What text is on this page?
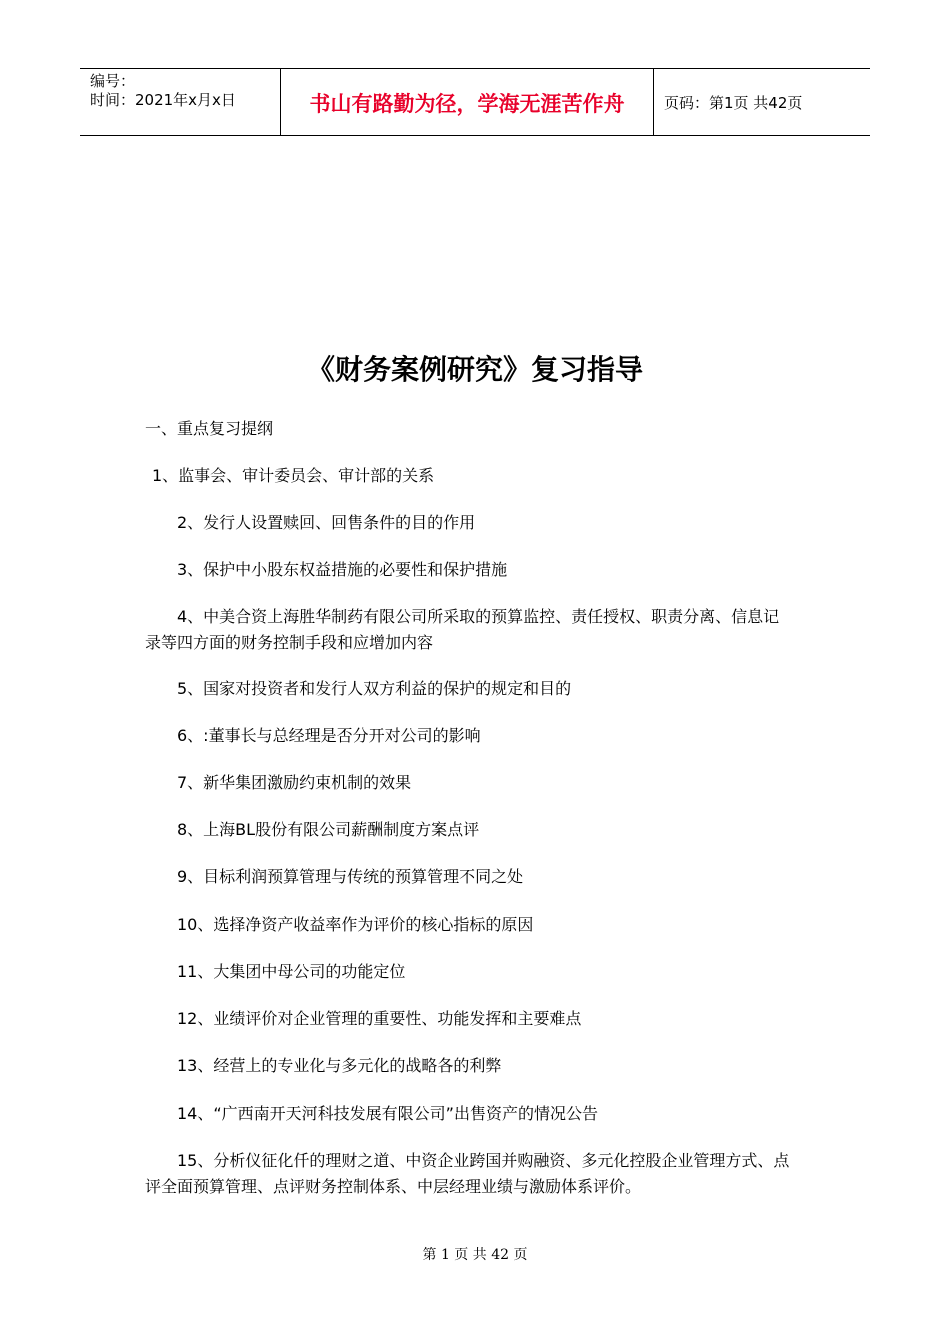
编号：
时间：2021年x月x日	书山有路勤为径，学海无涯苦作舟	页码：第1页 共42页
《财务案例研究》复习指导
一、重点复习提纲
1、监事会、审计委员会、审计部的关系
2、发行人设置赎回、回售条件的目的作用
3、保护中小股东权益措施的必要性和保护措施
4、中美合资上海胜华制药有限公司所采取的预算监控、责任授权、职责分离、信息记录等四方面的财务控制手段和应增加内容
5、国家对投资者和发行人双方利益的保护的规定和目的
6、:董事长与总经理是否分开对公司的影响
7、新华集团激励约束机制的效果
8、上海BL股份有限公司薪酬制度方案点评
9、目标利润预算管理与传统的预算管理不同之处
10、选择净资产收益率作为评价的核心指标的原因
11、大集团中母公司的功能定位
12、业绩评价对企业管理的重要性、功能发挥和主要难点
13、经营上的专业化与多元化的战略各的利弊
14、“广西南开天河科技发展有限公司”出售资产的情况公告
15、分析仪征化仟的理财之道、中资企业跨国并购融资、多元化控股企业管理方式、点评全面预算管理、点评财务控制体系、中层经理业绩与激励体系评价。
第 1 页 共 42 页
